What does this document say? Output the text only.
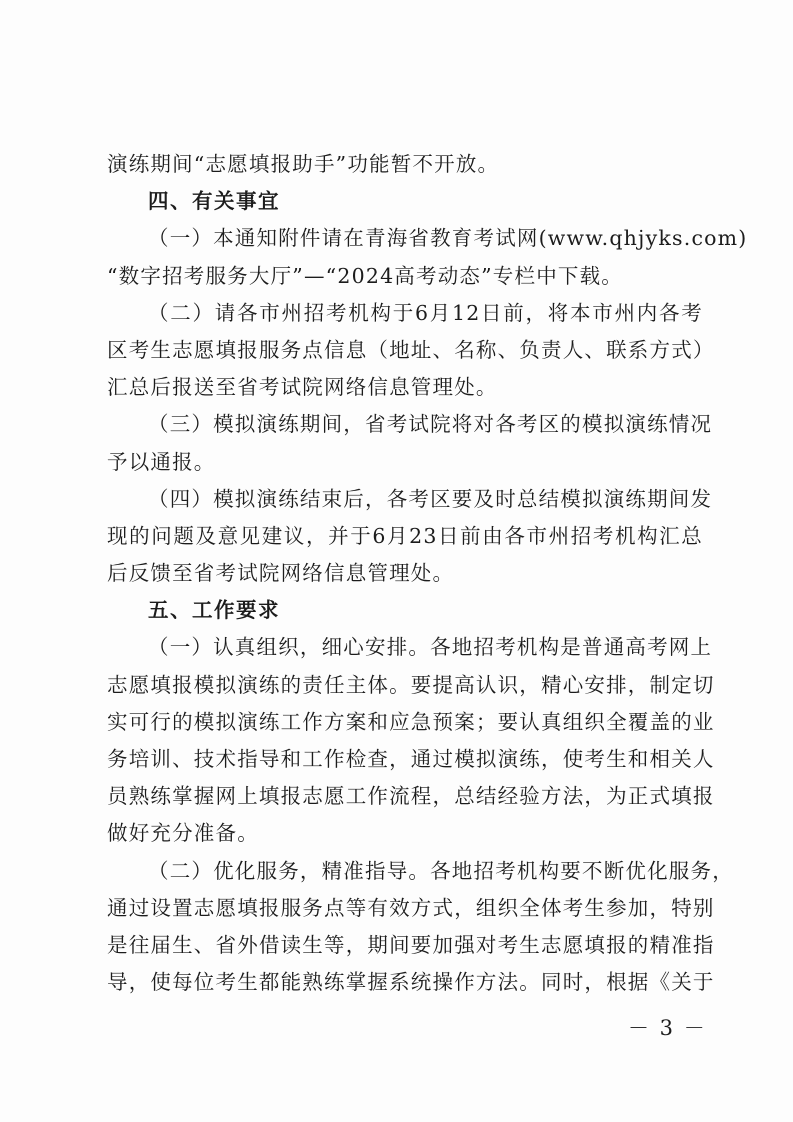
演练期间“志愿填报助手”功能暂不开放。
四、有关事宜
（一）本通知附件请在青海省教育考试网(www.qhjyks.com)
“数字招考服务大厅”—“2024高考动态”专栏中下载。
（二）请各市州招考机构于6月12日前，将本市州内各考
区考生志愿填报服务点信息（地址、名称、负责人、联系方式）
汇总后报送至省考试院网络信息管理处。
（三）模拟演练期间，省考试院将对各考区的模拟演练情况
予以通报。
（四）模拟演练结束后，各考区要及时总结模拟演练期间发
现的问题及意见建议，并于6月23日前由各市州招考机构汇总
后反馈至省考试院网络信息管理处。
五、工作要求
（一）认真组织，细心安排。各地招考机构是普通高考网上
志愿填报模拟演练的责任主体。要提高认识，精心安排，制定切
实可行的模拟演练工作方案和应急预案；要认真组织全覆盖的业
务培训、技术指导和工作检查，通过模拟演练，使考生和相关人
员熟练掌握网上填报志愿工作流程，总结经验方法，为正式填报
做好充分准备。
（二）优化服务，精准指导。各地招考机构要不断优化服务，
通过设置志愿填报服务点等有效方式，组织全体考生参加，特别
是往届生、省外借读生等，期间要加强对考生志愿填报的精准指
导，使每位考生都能熟练掌握系统操作方法。同时，根据《关于
－ 3 －
